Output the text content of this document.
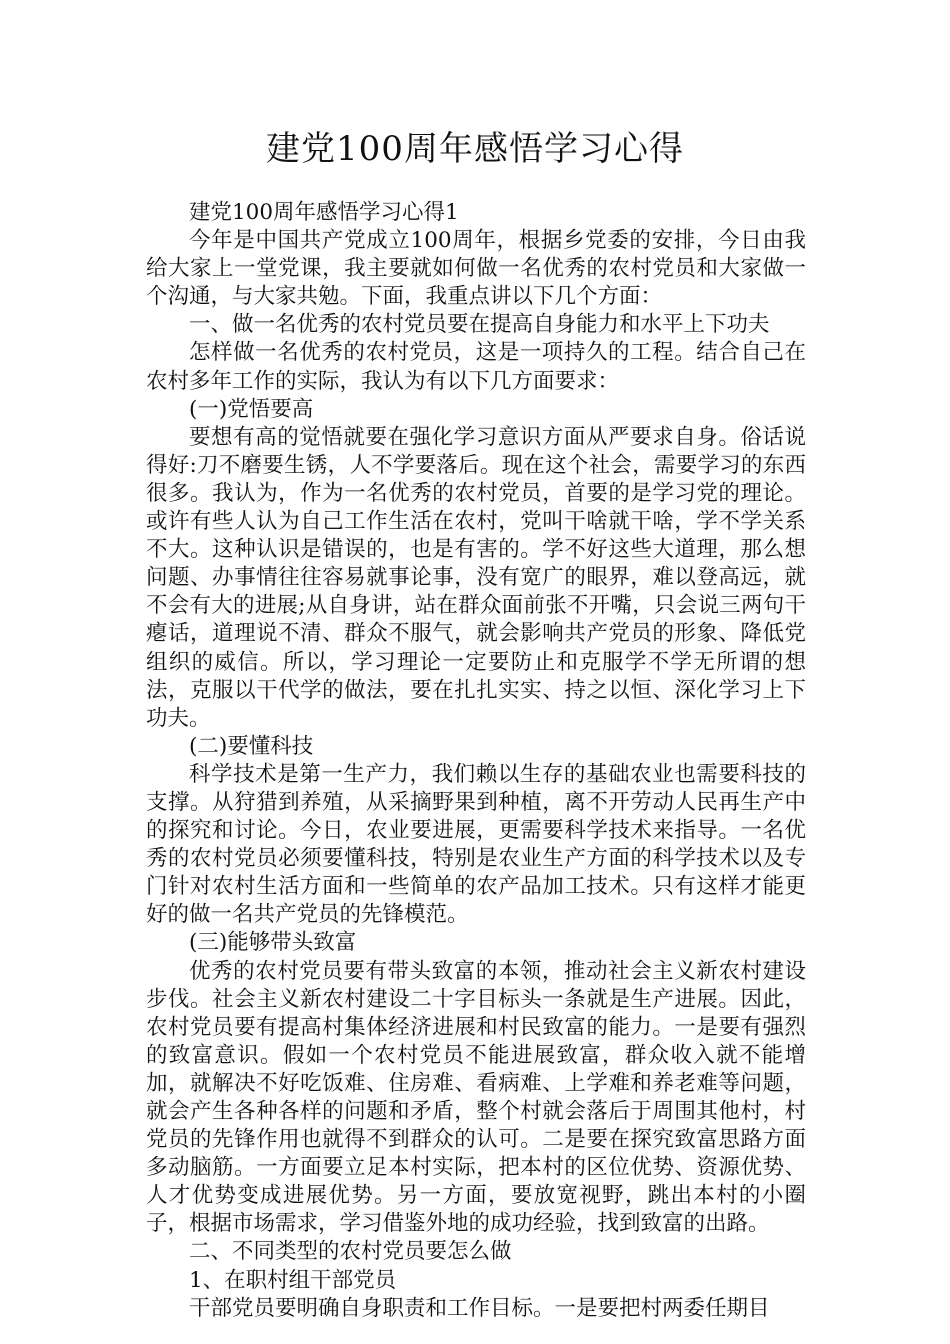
建党100周年感悟学习心得

建党100周年感悟学习心得1

今年是中国共产党成立100周年，根据乡党委的安排，今日由我给大家上一堂党课，我主要就如何做一名优秀的农村党员和大家做一个沟通，与大家共勉。下面，我重点讲以下几个方面：

一、做一名优秀的农村党员要在提高自身能力和水平上下功夫

怎样做一名优秀的农村党员，这是一项持久的工程。结合自己在农村多年工作的实际，我认为有以下几方面要求：

(一)党悟要高

要想有高的觉悟就要在强化学习意识方面从严要求自身。俗话说得好:刀不磨要生锈，人不学要落后。现在这个社会，需要学习的东西很多。我认为，作为一名优秀的农村党员，首要的是学习党的理论。或许有些人认为自己工作生活在农村，党叫干啥就干啥，学不学关系不大。这种认识是错误的，也是有害的。学不好这些大道理，那么想问题、办事情往往容易就事论事，没有宽广的眼界，难以登高远，就不会有大的进展;从自身讲，站在群众面前张不开嘴，只会说三两句干瘪话，道理说不清、群众不服气，就会影响共产党员的形象、降低党组织的威信。所以，学习理论一定要防止和克服学不学无所谓的想法，克服以干代学的做法，要在扎扎实实、持之以恒、深化学习上下功夫。

(二)要懂科技

科学技术是第一生产力，我们赖以生存的基础农业也需要科技的支撑。从狩猎到养殖，从采摘野果到种植，离不开劳动人民再生产中的探究和讨论。今日，农业要进展，更需要科学技术来指导。一名优秀的农村党员必须要懂科技，特别是农业生产方面的科学技术以及专门针对农村生活方面和一些简单的农产品加工技术。只有这样才能更好的做一名共产党员的先锋模范。

(三)能够带头致富

优秀的农村党员要有带头致富的本领，推动社会主义新农村建设步伐。社会主义新农村建设二十字目标头一条就是生产进展。因此，农村党员要有提高村集体经济进展和村民致富的能力。一是要有强烈的致富意识。假如一个农村党员不能进展致富，群众收入就不能增加，就解决不好吃饭难、住房难、看病难、上学难和养老难等问题，就会产生各种各样的问题和矛盾，整个村就会落后于周围其他村，村党员的先锋作用也就得不到群众的认可。二是要在探究致富思路方面多动脑筋。一方面要立足本村实际，把本村的区位优势、资源优势、人才优势变成进展优势。另一方面，要放宽视野，跳出本村的小圈子，根据市场需求，学习借鉴外地的成功经验，找到致富的出路。

二、不同类型的农村党员要怎么做

1、在职村组干部党员

干部党员要明确自身职责和工作目标。一是要把村两委任期目
